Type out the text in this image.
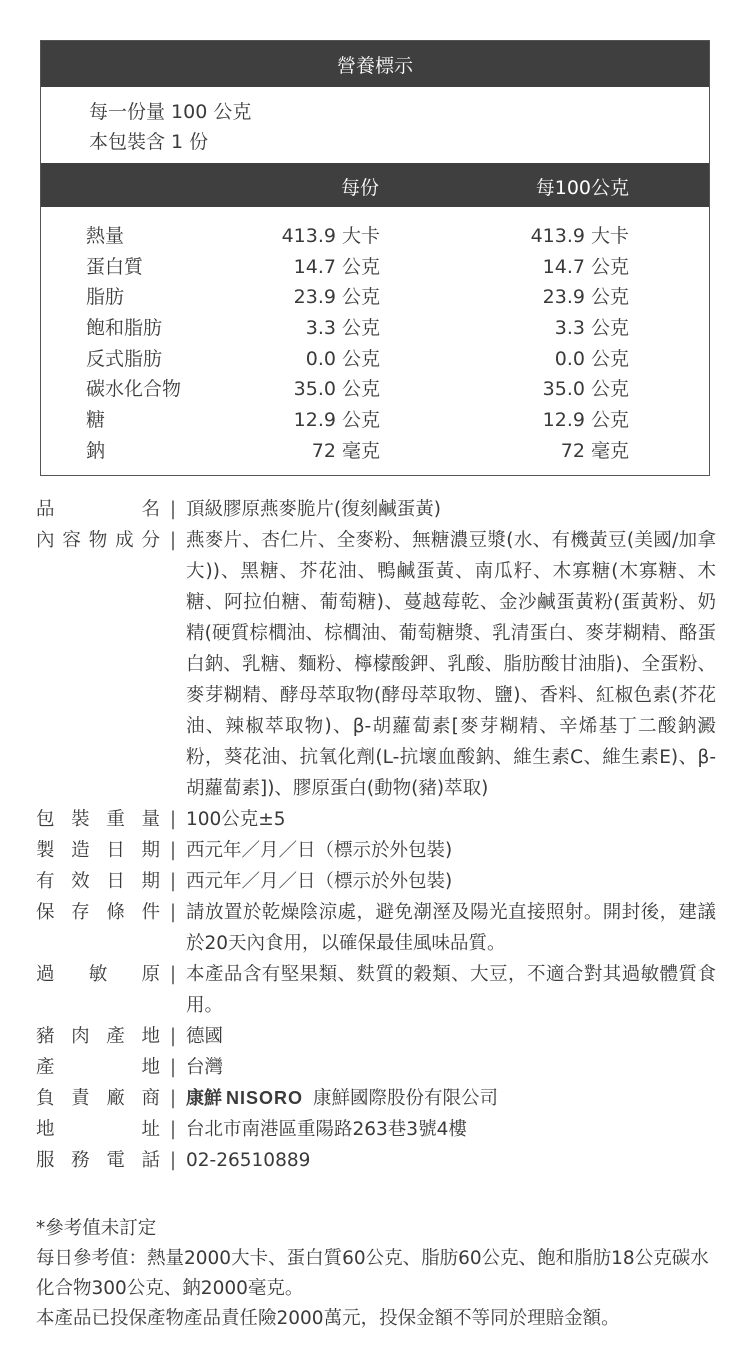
營養標示
每一份量 100 公克
本包裝含 1 份
每份	每100公克
熱量	413.9 大卡	413.9 大卡
蛋白質	14.7 公克	14.7 公克
脂肪	23.9 公克	23.9 公克
飽和脂肪	3.3 公克	3.3 公克
反式脂肪	0.0 公克	0.0 公克
碳水化合物	35.0 公克	35.0 公克
糖	12.9 公克	12.9 公克
鈉	72 毫克	72 毫克
品	名 | 頂級膠原燕麥脆片(復刻鹹蛋黃)
內 容 物 成 分 | 燕麥片、杏仁片、全麥粉、無糖濃豆漿(水、有機黃豆(美國/加拿大))、黑糖、芥花油、鴨鹹蛋黃、南瓜籽、木寡糖(木寡糖、木糖、阿拉伯糖、葡萄糖)、蔓越莓乾、金沙鹹蛋黃粉(蛋黃粉、奶精(硬質棕櫚油、棕櫚油、葡萄糖漿、乳清蛋白、麥芽糊精、酪蛋白鈉、乳糖、麵粉、檸檬酸鉀、乳酸、脂肪酸甘油脂)、全蛋粉、麥芽糊精、酵母萃取物(酵母萃取物、鹽)、香料、紅椒色素(芥花油、辣椒萃取物)、β-胡蘿蔔素[麥芽糊精、辛烯基丁二酸鈉澱粉，葵花油、抗氧化劑(L-抗壞血酸鈉、維生素C、維生素E)、β-胡蘿蔔素])、膠原蛋白(動物(豬)萃取)
包 裝 重 量 | 100公克±5
製 造 日 期 | 西元年／月／日（標示於外包裝)
有 效 日 期 | 西元年／月／日（標示於外包裝)
保 存 條 件 | 請放置於乾燥陰涼處，避免潮溼及陽光直接照射。開封後，建議於20天內食用，以確保最佳風味品質。
過 敏 原 | 本產品含有堅果類、麩質的穀類、大豆，不適合對其過敏體質食用。
豬 肉 產 地 | 德國
產	地 | 台灣
負 責 廠 商 | 康鮮 NISORO 康鮮國際股份有限公司
地	址 | 台北市南港區重陽路263巷3號4樓
服 務 電 話 | 02-26510889
*參考值未訂定
每日參考值：熱量2000大卡、蛋白質60公克、脂肪60公克、飽和脂肪18公克碳水化合物300公克、鈉2000毫克。
本產品已投保產物產品責任險2000萬元，投保金額不等同於理賠金額。
